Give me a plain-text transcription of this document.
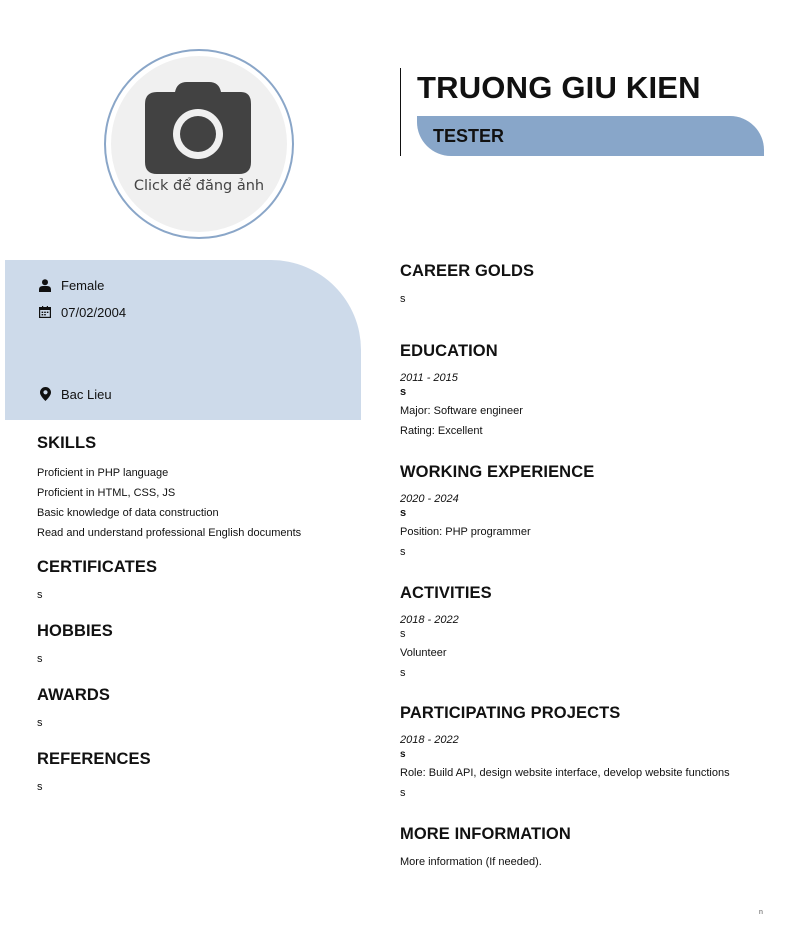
Click để đăng ảnh
TRUONG GIU KIEN
TESTER
Female
07/02/2004
Bac Lieu
SKILLS
Proficient in PHP language
Proficient in HTML, CSS, JS
Basic knowledge of data construction
Read and understand professional English documents
CERTIFICATES
s
HOBBIES
s
AWARDS
s
REFERENCES
s
CAREER GOLDS
s
EDUCATION
2011 - 2015
s
Major: Software engineer
Rating: Excellent
WORKING EXPERIENCE
2020 - 2024
s
Position: PHP programmer
s
ACTIVITIES
2018 - 2022
s
Volunteer
s
PARTICIPATING PROJECTS
2018 - 2022
s
Role: Build API, design website interface, develop website functions
s
MORE INFORMATION
More information (If needed).
n
